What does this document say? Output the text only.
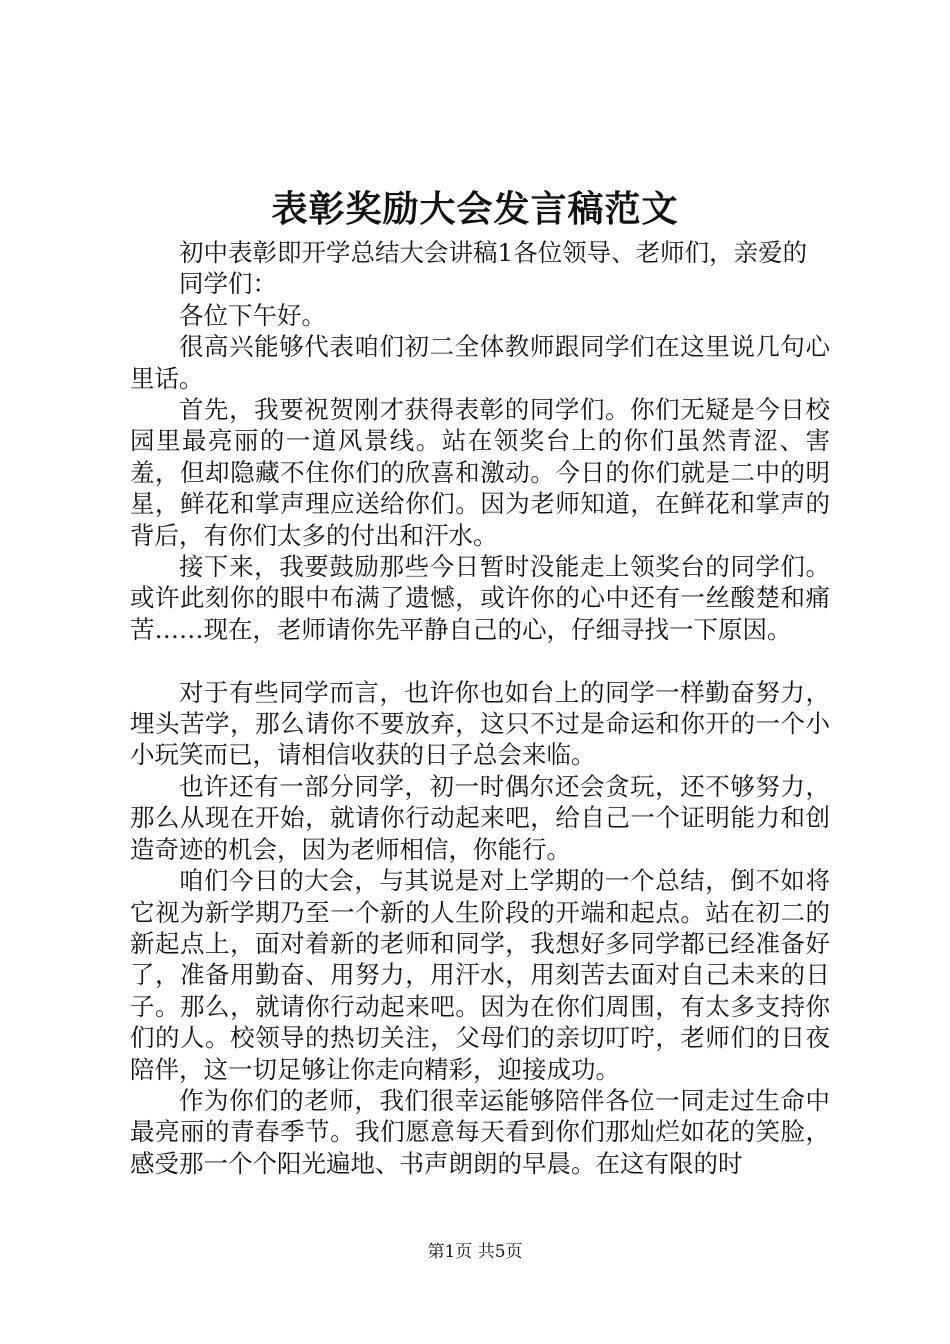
表彰奖励大会发言稿范文

初中表彰即开学总结大会讲稿1各位领导、老师们，亲爱的

同学们：

各位下午好。

很高兴能够代表咱们初二全体教师跟同学们在这里说几句心里话。

首先，我要祝贺刚才获得表彰的同学们。你们无疑是今日校园里最亮丽的一道风景线。站在领奖台上的你们虽然青涩、害羞，但却隐藏不住你们的欣喜和激动。今日的你们就是二中的明星，鲜花和掌声理应送给你们。因为老师知道，在鲜花和掌声的背后，有你们太多的付出和汗水。

接下来，我要鼓励那些今日暂时没能走上领奖台的同学们。或许此刻你的眼中布满了遗憾，或许你的心中还有一丝酸楚和痛苦……现在，老师请你先平静自己的心，仔细寻找一下原因。

对于有些同学而言，也许你也如台上的同学一样勤奋努力，埋头苦学，那么请你不要放弃，这只不过是命运和你开的一个小小玩笑而已，请相信收获的日子总会来临。

也许还有一部分同学，初一时偶尔还会贪玩，还不够努力，那么从现在开始，就请你行动起来吧，给自己一个证明能力和创造奇迹的机会，因为老师相信，你能行。

咱们今日的大会，与其说是对上学期的一个总结，倒不如将它视为新学期乃至一个新的人生阶段的开端和起点。站在初二的新起点上，面对着新的老师和同学，我想好多同学都已经准备好了，准备用勤奋、用努力，用汗水，用刻苦去面对自己未来的日子。那么，就请你行动起来吧。因为在你们周围，有太多支持你们的人。校领导的热切关注，父母们的亲切叮咛，老师们的日夜陪伴，这一切足够让你走向精彩，迎接成功。

作为你们的老师，我们很幸运能够陪伴各位一同走过生命中最亮丽的青春季节。我们愿意每天看到你们那灿烂如花的笑脸，感受那一个个阳光遍地、书声朗朗的早晨。在这有限的时

第1页 共5页
